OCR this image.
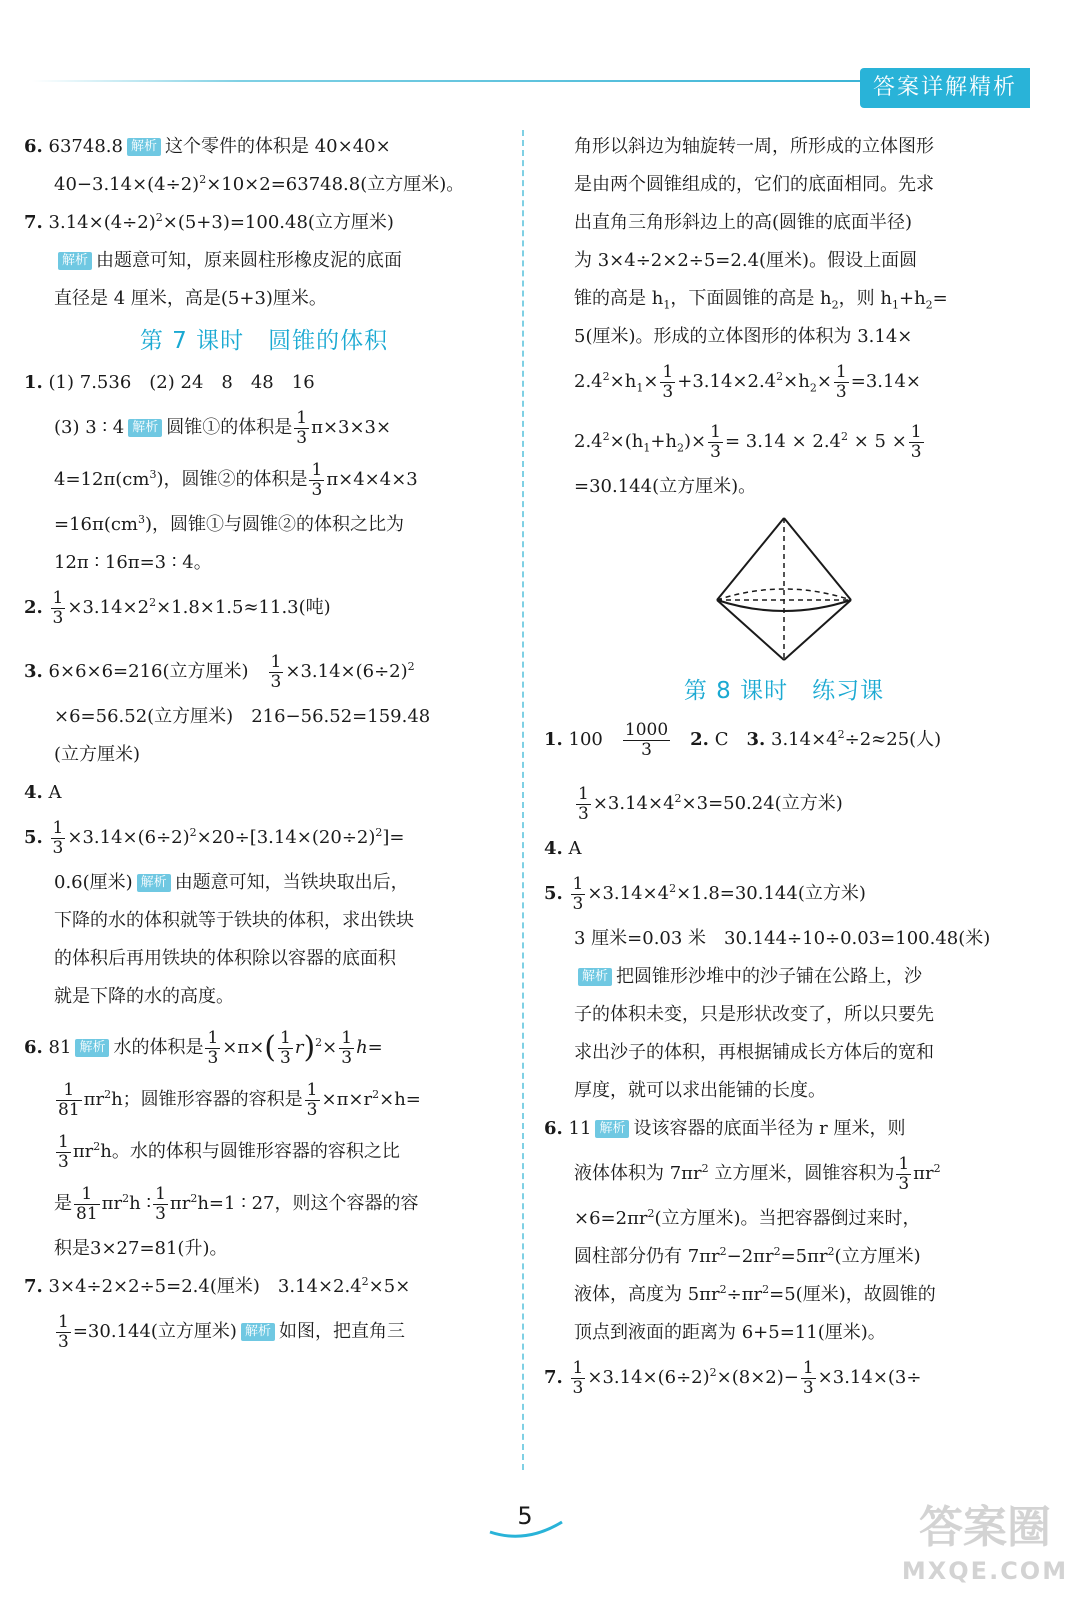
答案详解精析
6. 63748.8 解析 这个零件的体积是 40×40×
$40-3.14\times(4\div 2)^2\times 10\times 2=63748.8$(立方厘米)。
7. $3.14\times(4\div 2)^2\times(5+3)=100.48$(立方厘米)
解析 由题意可知，原来圆柱形橡皮泥的底面
直径是 4 厘米，高是(5+3)厘米。
第 7 课时　圆锥的体积
1. (1) 7.536　(2) 24　8　48　16
(3) 3 ∶ 4 解析 圆锥①的体积是 $\frac{1}{3} \pi\times 3\times 3\times$
$4=12\pi(cm^3)$，圆锥②的体积是 $\frac{1}{3} \pi\times 4\times 4\times 3$
$=16\pi(cm^3)$，圆锥①与圆锥②的体积之比为
12π ∶ 16π=3 ∶ 4。
2. $\frac{1}{3} \times 3.14\times 2^2\times 1.8\times 1.5\approx 11.3$(吨)
3. 6×6×6=216(立方厘米)　 $\frac{1}{3} \times 3.14\times(6\div 2)^2$
×6=56.52(立方厘米)　216−56.52=159.48
(立方厘米)
4. A
5. $\frac{1}{3} \times 3.14\times(6\div 2)^2\times 20\div[3.14\times(20\div 2)^2]=$
0.6(厘米) 解析 由题意可知，当铁块取出后，
下降的水的体积就等于铁块的体积，求出铁块
的体积后再用铁块的体积除以容器的底面积
就是下降的水的高度。
6. 81 解析 水的体积是 $\frac{1}{3} \times\pi\times( \frac{1}{3} r)^2\times \frac{1}{3} h=$
$\frac{1}{81} \pi r^2h$；圆锥形容器的容积是 $\frac{1}{3} \times\pi\times r^2\times h=$
$\frac{1}{3} \pi r^2h$。水的体积与圆锥形容器的容积之比
是 $\frac{1}{81} \pi r^2h$ ∶ $\frac{1}{3} \pi r^2h=1$ ∶ 27，则这个容器的容
积是3×27=81(升)。
7. 3×4÷2×2÷5=2.4(厘米)　$3.14\times 2.4^2\times 5\times$
$\frac{1}{3} =30.144$(立方厘米) 解析 如图，把直角三
角形以斜边为轴旋转一周，所形成的立体图形
是由两个圆锥组成的，它们的底面相同。先求
出直角三角形斜边上的高(圆锥的底面半径)
为 3×4÷2×2÷5=2.4(厘米)。假设上面圆
锥的高是 $h_1$，下面圆锥的高是 $h_2$，则 $h_1+h_2=$
5(厘米)。形成的立体图形的体积为 3.14×
$2.4^2\times h_1\times \frac{1}{3} +3.14\times 2.4^2\times h_2\times \frac{1}{3} =3.14\times$
$2.4^2\times(h_1+h_2)\times \frac{1}{3} = 3.14 \times 2.4^2 \times 5 \times \frac{1}{3}$
=30.144(立方厘米)。
第 8 课时　练习课
1. 100　 $\frac{1000}{3}$
　 2. C　 3. $3.14\times 4^2\div 2\approx 25$(人)
$\frac{1}{3} \times 3.14\times 4^2\times 3=50.24$(立方米)
4. A
5. $\frac{1}{3} \times 3.14\times 4^2\times 1.8=30.144$(立方米)
3 厘米=0.03 米　30.144÷10÷0.03=100.48(米)
解析 把圆锥形沙堆中的沙子铺在公路上，沙
子的体积未变，只是形状改变了，所以只要先
求出沙子的体积，再根据铺成长方体后的宽和
厚度，就可以求出能铺的长度。
6. 11 解析 设该容器的底面半径为 r 厘米，则
液体体积为 $7\pi r^2$ 立方厘米，圆锥容积为 $\frac{1}{3} \pi r^2$
$\times 6=2\pi r^2$(立方厘米)。当把容器倒过来时，
圆柱部分仍有 $7\pi r^2-2\pi r^2=5\pi r^2$(立方厘米)
液体，高度为 $5\pi r^2\div\pi r^2=5$(厘米)，故圆锥的
顶点到液面的距离为 6+5=11(厘米)。
7. $\frac{1}{3} \times 3.14\times(6\div 2)^2\times(8\times 2)- \frac{1}{3} \times 3.14\times(3\div$
5	答案圈
MXQE.COM
